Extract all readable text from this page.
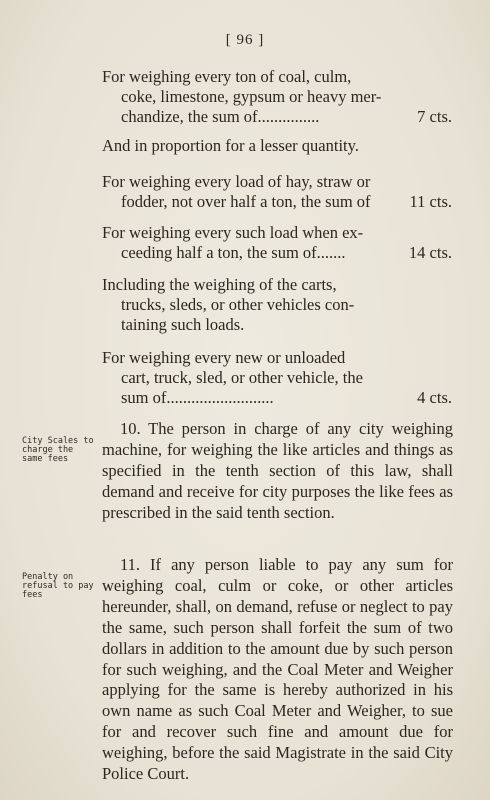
[ 96 ]
For weighing every ton of coal, culm,
coke, limestone, gypsum or heavy mer-
chandize, the sum of...............	7 cts.
And in proportion for a lesser quantity.
For weighing every load of hay, straw or
fodder, not over half a ton, the sum of 11 cts.
For weighing every such load when ex-
ceeding half a ton, the sum of.......	14 cts.
Including the weighing of the carts,
trucks, sleds, or other vehicles con-
taining such loads.
For weighing every new or unloaded
cart, truck, sled, or other vehicle, the
sum of..........................	4 cts.
City Scales to
charge the
same fees
10. The person in charge of any city weighing machine, for weighing the like articles and things as specified in the tenth section of this law, shall demand and receive for city purposes the like fees as prescribed in the said tenth section.
Penalty on
refusal to pay
fees
11. If any person liable to pay any sum for weighing coal, culm or coke, or other articles hereunder, shall, on demand, refuse or neglect to pay the same, such person shall forfeit the sum of two dollars in addition to the amount due by such person for such weighing, and the Coal Meter and Weigher applying for the same is hereby authorized in his own name as such Coal Meter and Weigher, to sue for and recover such fine and amount due for weighing, before the said Magistrate in the said City Police Court.
